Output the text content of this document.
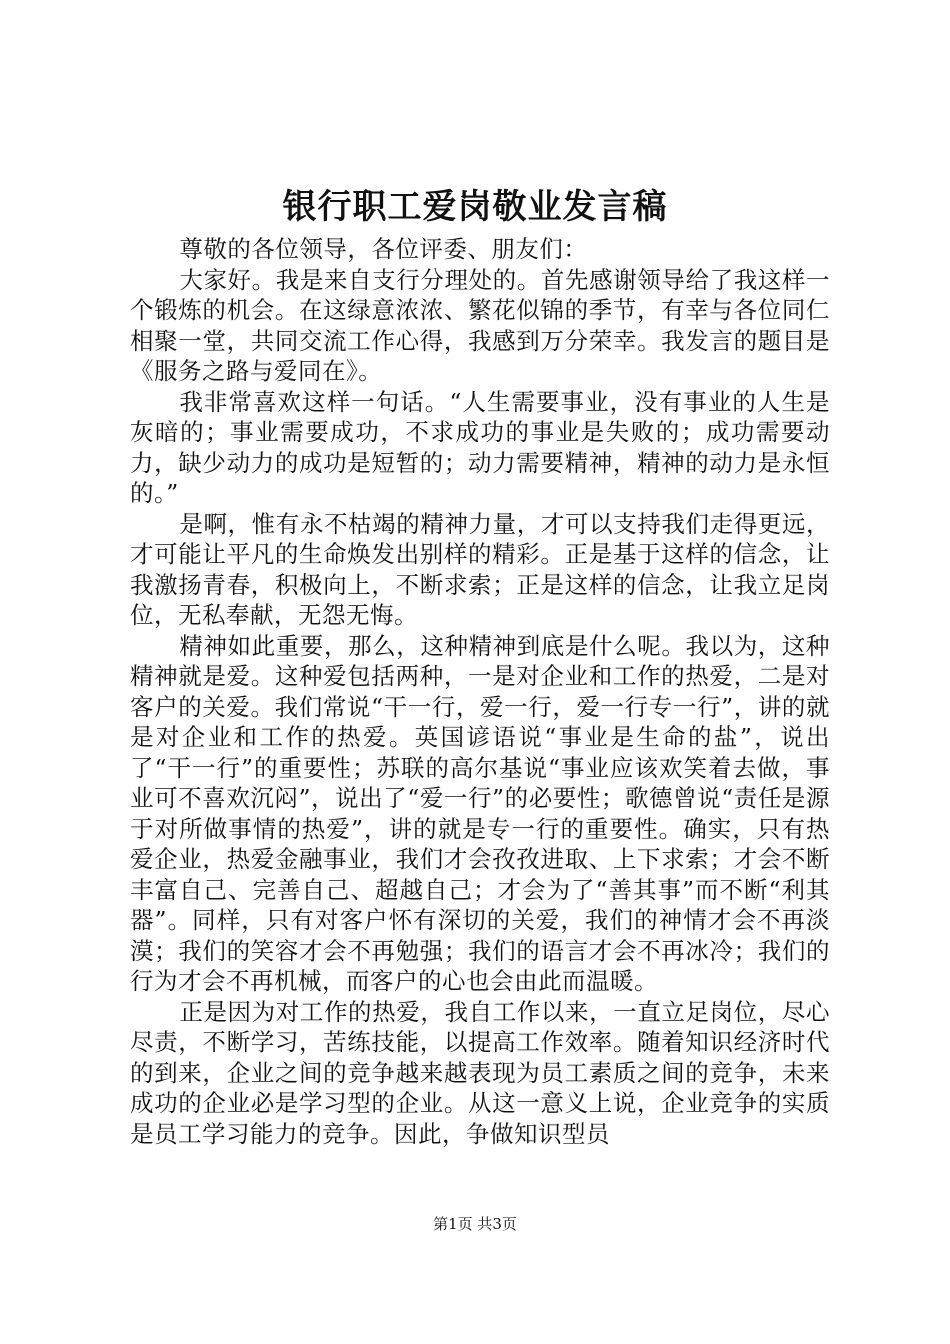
银行职工爱岗敬业发言稿

尊敬的各位领导，各位评委、朋友们：

大家好。我是来自支行分理处的。首先感谢领导给了我这样一个锻炼的机会。在这绿意浓浓、繁花似锦的季节，有幸与各位同仁相聚一堂，共同交流工作心得，我感到万分荣幸。我发言的题目是《服务之路与爱同在》。

我非常喜欢这样一句话。“人生需要事业，没有事业的人生是灰暗的；事业需要成功，不求成功的事业是失败的；成功需要动力，缺少动力的成功是短暂的；动力需要精神，精神的动力是永恒的。”

是啊，惟有永不枯竭的精神力量，才可以支持我们走得更远，才可能让平凡的生命焕发出别样的精彩。正是基于这样的信念，让我激扬青春，积极向上，不断求索；正是这样的信念，让我立足岗位，无私奉献，无怨无悔。

精神如此重要，那么，这种精神到底是什么呢。我以为，这种精神就是爱。这种爱包括两种，一是对企业和工作的热爱，二是对客户的关爱。我们常说“干一行，爱一行，爱一行专一行”，讲的就是对企业和工作的热爱。英国谚语说“事业是生命的盐”，说出了“干一行”的重要性；苏联的高尔基说“事业应该欢笑着去做，事业可不喜欢沉闷”，说出了“爱一行”的必要性；歌德曾说“责任是源于对所做事情的热爱”，讲的就是专一行的重要性。确实，只有热爱企业，热爱金融事业，我们才会孜孜进取、上下求索；才会不断丰富自己、完善自己、超越自己；才会为了“善其事”而不断“利其器”。同样，只有对客户怀有深切的关爱，我们的神情才会不再淡漠；我们的笑容才会不再勉强；我们的语言才会不再冰冷；我们的行为才会不再机械，而客户的心也会由此而温暖。

正是因为对工作的热爱，我自工作以来，一直立足岗位，尽心尽责，不断学习，苦练技能，以提高工作效率。随着知识经济时代的到来，企业之间的竞争越来越表现为员工素质之间的竞争，未来成功的企业必是学习型的企业。从这一意义上说，企业竞争的实质是员工学习能力的竞争。因此，争做知识型员

第1页 共3页
